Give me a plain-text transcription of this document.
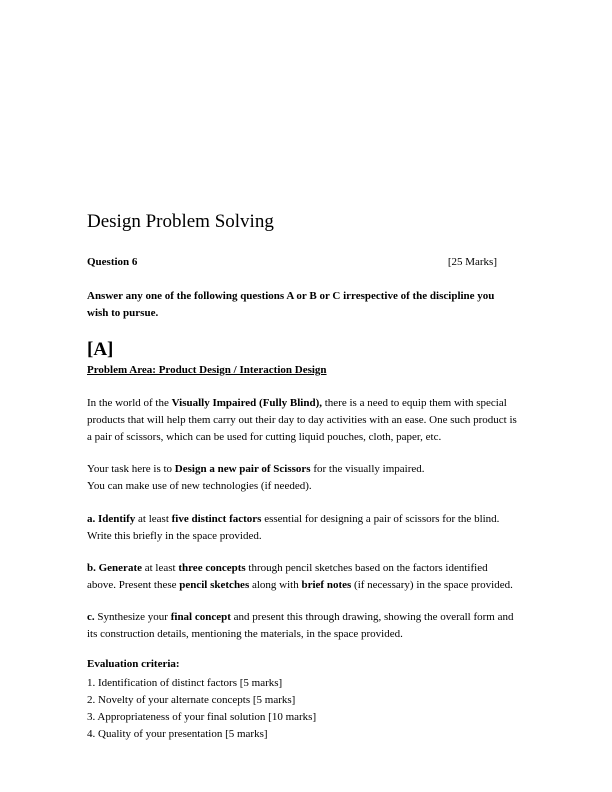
Design Problem Solving
Question 6	[25 Marks]
Answer any one of the following questions A or B or C irrespective of the discipline you wish to pursue.
[A]
Problem Area: Product Design / Interaction Design
In the world of the Visually Impaired (Fully Blind), there is a need to equip them with special products that will help them carry out their day to day activities with an ease. One such product is a pair of scissors, which can be used for cutting liquid pouches, cloth, paper, etc.
Your task here is to Design a new pair of Scissors for the visually impaired.
You can make use of new technologies (if needed).
a. Identify at least five distinct factors essential for designing a pair of scissors for the blind. Write this briefly in the space provided.
b. Generate at least three concepts through pencil sketches based on the factors identified above. Present these pencil sketches along with brief notes (if necessary) in the space provided.
c. Synthesize your final concept and present this through drawing, showing the overall form and its construction details, mentioning the materials, in the space provided.
Evaluation criteria:
1. Identification of distinct factors [5 marks]
2. Novelty of your alternate concepts [5 marks]
3. Appropriateness of your final solution [10 marks]
4. Quality of your presentation [5 marks]
